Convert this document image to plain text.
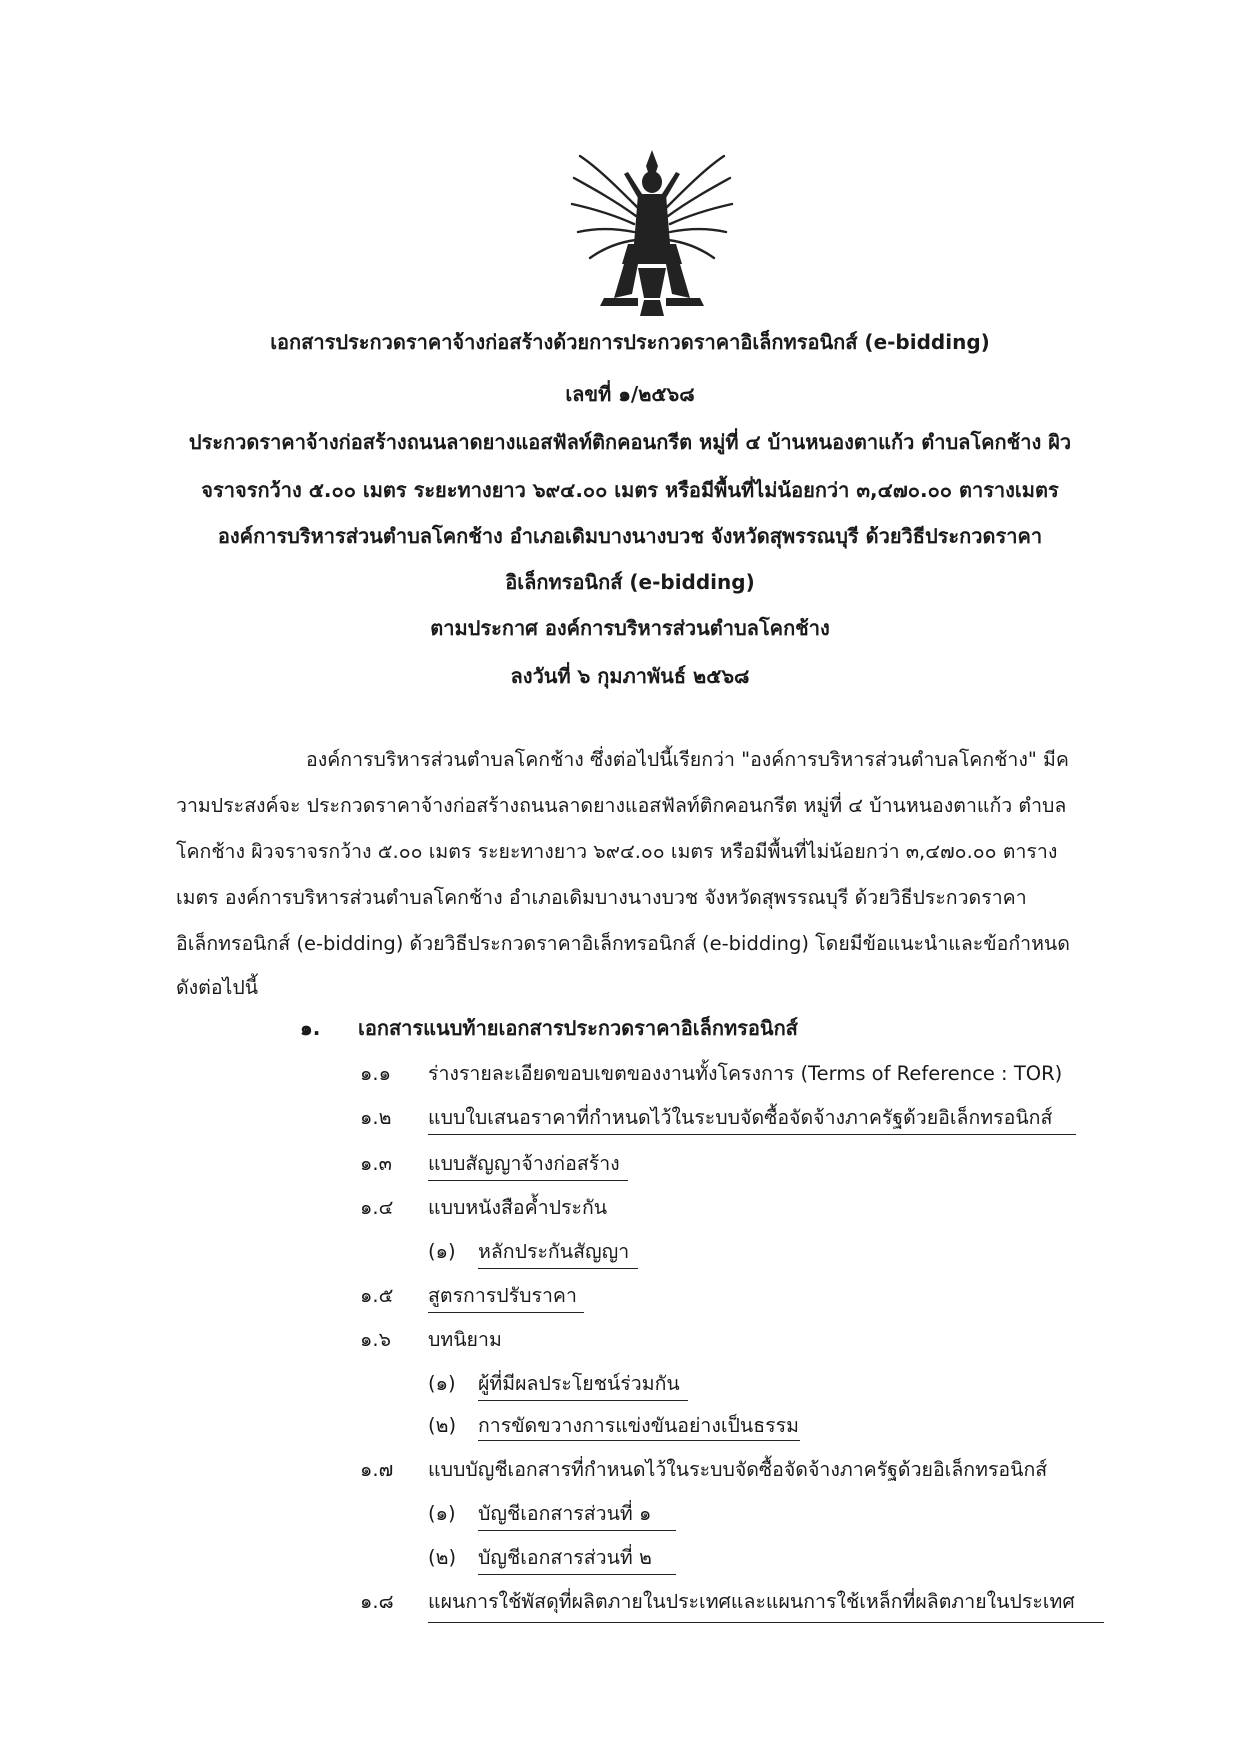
เอกสารประกวดราคาจ้างก่อสร้างด้วยการประกวดราคาอิเล็กทรอนิกส์ (e-bidding)
เลขที่ ๑/๒๕๖๘
ประกวดราคาจ้างก่อสร้างถนนลาดยางแอสฟัลท์ติกคอนกรีต หมู่ที่ ๔ บ้านหนองตาแก้ว ตำบลโคกช้าง ผิว
จราจรกว้าง ๕.๐๐ เมตร ระยะทางยาว ๖๙๔.๐๐ เมตร หรือมีพื้นที่ไม่น้อยกว่า ๓,๔๗๐.๐๐ ตารางเมตร
องค์การบริหารส่วนตำบลโคกช้าง อำเภอเดิมบางนางบวช จังหวัดสุพรรณบุรี ด้วยวิธีประกวดราคา
อิเล็กทรอนิกส์ (e-bidding)
ตามประกาศ องค์การบริหารส่วนตำบลโคกช้าง
ลงวันที่ ๖ กุมภาพันธ์ ๒๕๖๘
องค์การบริหารส่วนตำบลโคกช้าง ซึ่งต่อไปนี้เรียกว่า "องค์การบริหารส่วนตำบลโคกช้าง" มีค
วามประสงค์จะ ประกวดราคาจ้างก่อสร้างถนนลาดยางแอสฟัลท์ติกคอนกรีต หมู่ที่ ๔ บ้านหนองตาแก้ว ตำบล
โคกช้าง ผิวจราจรกว้าง ๕.๐๐ เมตร ระยะทางยาว ๖๙๔.๐๐ เมตร หรือมีพื้นที่ไม่น้อยกว่า ๓,๔๗๐.๐๐ ตาราง
เมตร องค์การบริหารส่วนตำบลโคกช้าง อำเภอเดิมบางนางบวช จังหวัดสุพรรณบุรี ด้วยวิธีประกวดราคา
อิเล็กทรอนิกส์ (e-bidding) ด้วยวิธีประกวดราคาอิเล็กทรอนิกส์ (e-bidding) โดยมีข้อแนะนำและข้อกำหนด
ดังต่อไปนี้
๑. เอกสารแนบท้ายเอกสารประกวดราคาอิเล็กทรอนิกส์
๑.๑ ร่างรายละเอียดขอบเขตของงานทั้งโครงการ (Terms of Reference : TOR)
๑.๒ แบบใบเสนอราคาที่กำหนดไว้ในระบบจัดซื้อจัดจ้างภาครัฐด้วยอิเล็กทรอนิกส์
๑.๓ แบบสัญญาจ้างก่อสร้าง
๑.๔ แบบหนังสือค้ำประกัน
(๑) หลักประกันสัญญา
๑.๕ สูตรการปรับราคา
๑.๖ บทนิยาม
(๑) ผู้ที่มีผลประโยชน์ร่วมกัน
(๒) การขัดขวางการแข่งขันอย่างเป็นธรรม
๑.๗ แบบบัญชีเอกสารที่กำหนดไว้ในระบบจัดซื้อจัดจ้างภาครัฐด้วยอิเล็กทรอนิกส์
(๑) บัญชีเอกสารส่วนที่ ๑
(๒) บัญชีเอกสารส่วนที่ ๒
๑.๘ แผนการใช้พัสดุที่ผลิตภายในประเทศและแผนการใช้เหล็กที่ผลิตภายในประเทศ
